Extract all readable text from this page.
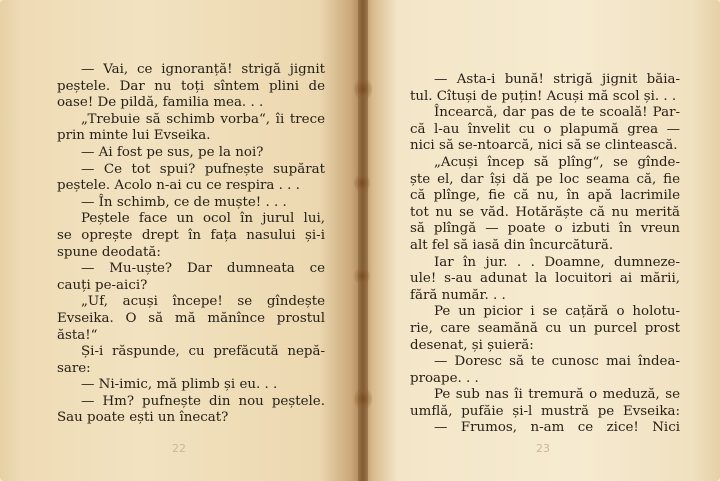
— Vai, ce ignoranță! strigă jignit
peștele. Dar nu toți sîntem plini de
oase! De pildă, familia mea. . .
„Trebuie să schimb vorba“, îi trece
prin minte lui Evseika.
— Ai fost pe sus, pe la noi?
— Ce tot spui? pufnește supărat
peștele. Acolo n-ai cu ce respira . . .
— În schimb, ce de muște! . . .
Peștele face un ocol în jurul lui,
se oprește drept în fața nasului și-i
spune deodată:
— Mu-uște? Dar dumneata ce
cauți pe-aici?
„Uf, acuși începe! se gîndește
Evseika. O să mă mănînce prostul
ăsta!“
Și-i răspunde, cu prefăcută nepă-
sare:
— Ni-imic, mă plimb și eu. . .
— Hm? pufnește din nou peștele.
Sau poate ești un înecat?
22
— Asta-i bună! strigă jignit băia-
tul. Cîtuși de puțin! Acuși mă scol și. . .
Încearcă, dar pas de te scoală! Par-
că l-au învelit cu o plapumă grea —
nici să se-ntoarcă, nici să se clintească.
„Acuși încep să plîng“, se gînde-
ște el, dar își dă pe loc seama că, fie
că plînge, fie că nu, în apă lacrimile
tot nu se văd. Hotărăște că nu merită
să plîngă — poate o izbuti în vreun
alt fel să iasă din încurcătură.
Iar în jur. . . Doamne, dumneze-
ule! s-au adunat la locuitori ai mării,
fără număr. . .
Pe un picior i se cațără o holotu-
rie, care seamănă cu un purcel prost
desenat, și șuieră:
— Doresc să te cunosc mai îndea-
proape. . .
Pe sub nas îi tremură o meduză, se
umflă, pufăie și-l mustră pe Evseika:
— Frumos, n-am ce zice! Nici
23
